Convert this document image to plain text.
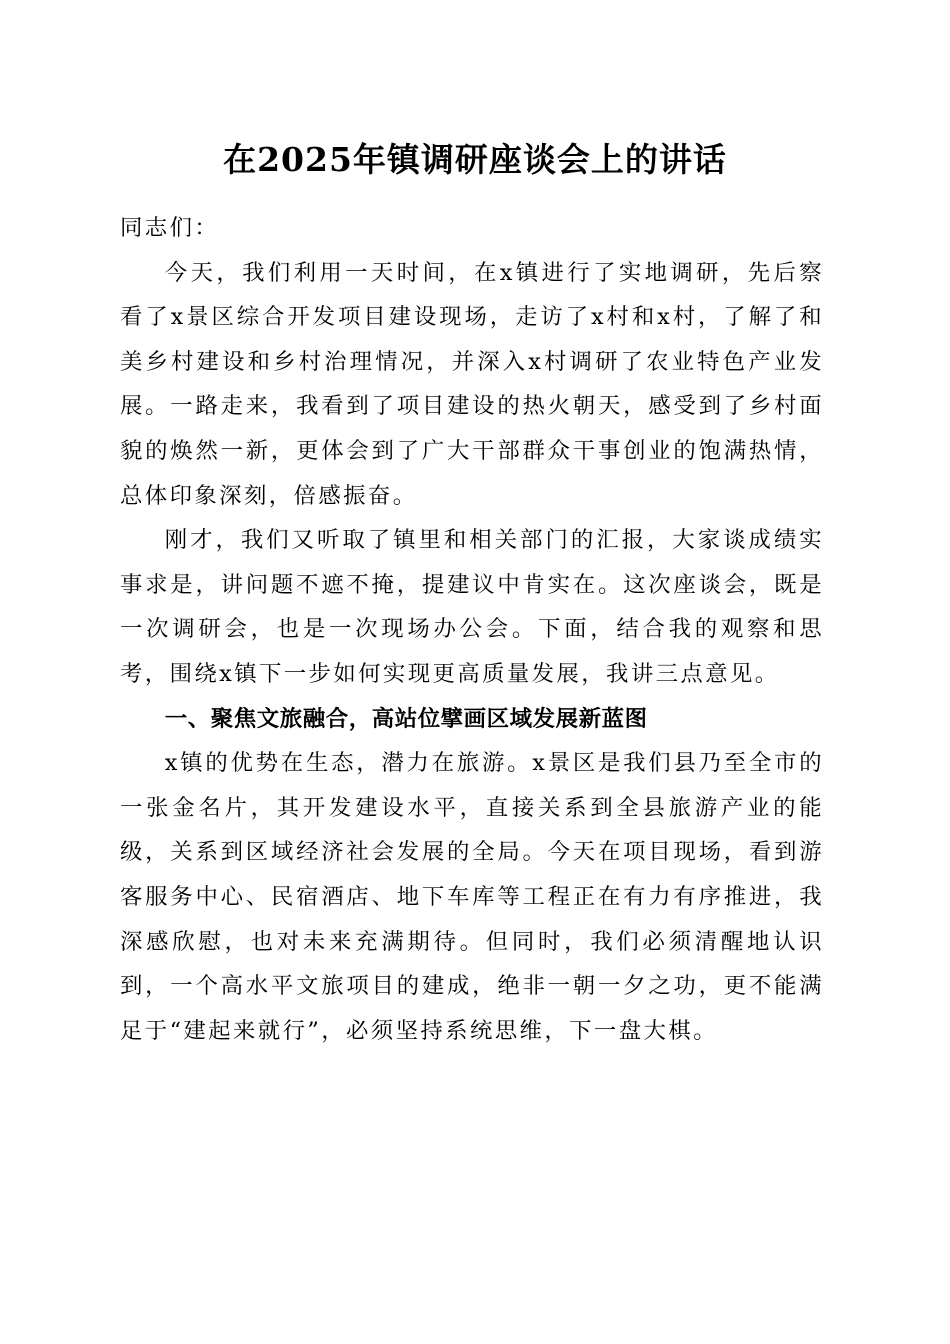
在2025年镇调研座谈会上的讲话

同志们：

今天，我们利用一天时间，在x镇进行了实地调研，先后察看了x景区综合开发项目建设现场，走访了x村和x村，了解了和美乡村建设和乡村治理情况，并深入x村调研了农业特色产业发展。一路走来，我看到了项目建设的热火朝天，感受到了乡村面貌的焕然一新，更体会到了广大干部群众干事创业的饱满热情，总体印象深刻，倍感振奋。

刚才，我们又听取了镇里和相关部门的汇报，大家谈成绩实事求是，讲问题不遮不掩，提建议中肯实在。这次座谈会，既是一次调研会，也是一次现场办公会。下面，结合我的观察和思考，围绕x镇下一步如何实现更高质量发展，我讲三点意见。

一、聚焦文旅融合，高站位擘画区域发展新蓝图

x镇的优势在生态，潜力在旅游。x景区是我们县乃至全市的一张金名片，其开发建设水平，直接关系到全县旅游产业的能级，关系到区域经济社会发展的全局。今天在项目现场，看到游客服务中心、民宿酒店、地下车库等工程正在有力有序推进，我深感欣慰，也对未来充满期待。但同时，我们必须清醒地认识到，一个高水平文旅项目的建成，绝非一朝一夕之功，更不能满足于“建起来就行”，必须坚持系统思维，下一盘大棋。
